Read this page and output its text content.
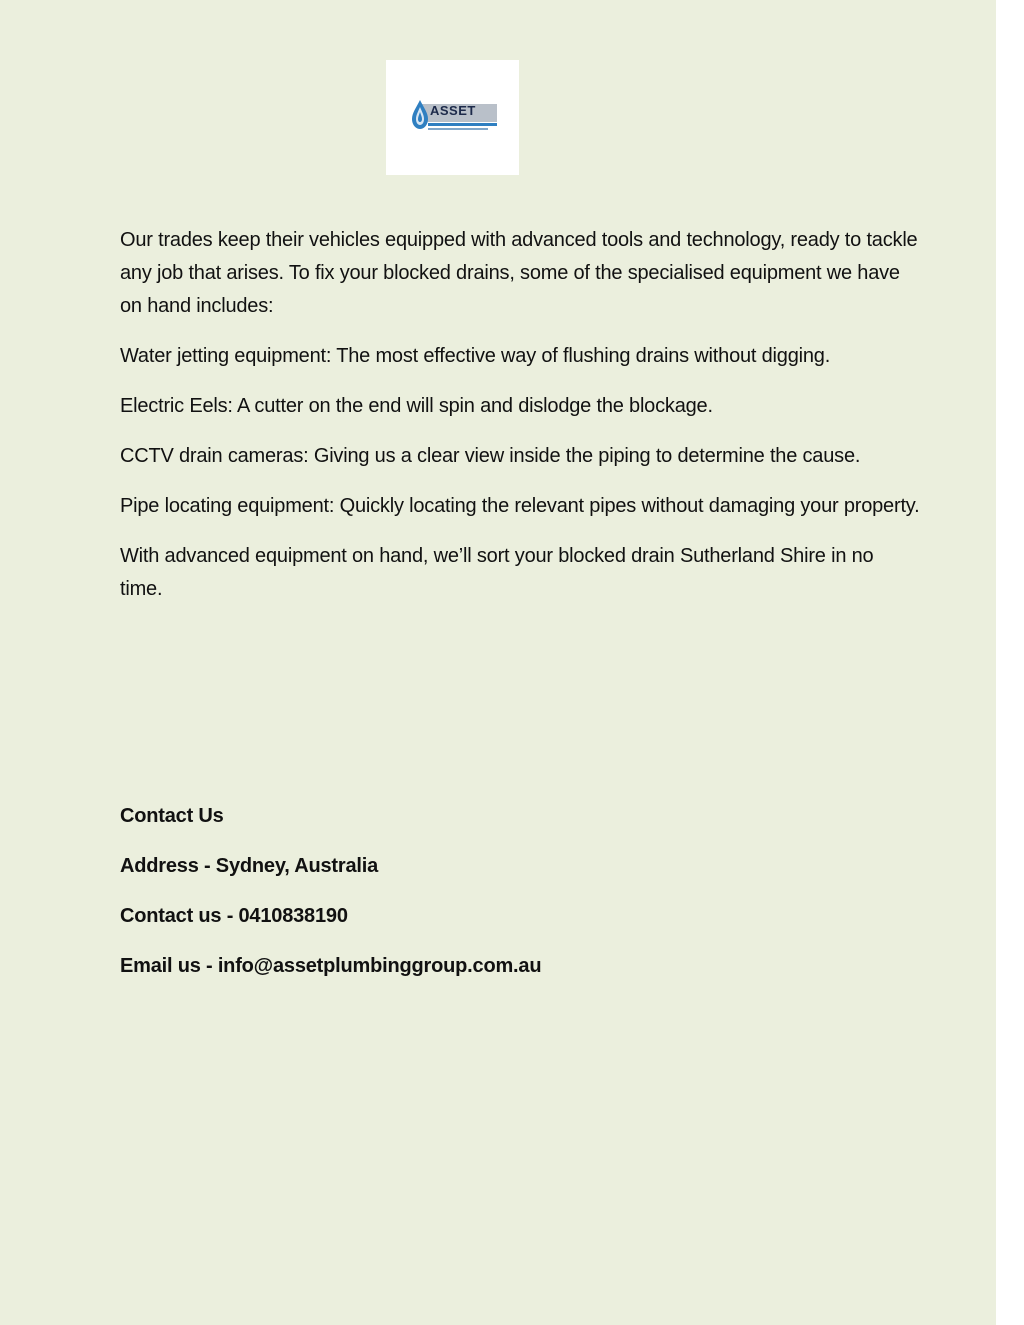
ASSET

Our trades keep their vehicles equipped with advanced tools and technology, ready to tackle any job that arises. To fix your blocked drains, some of the specialised equipment we have on hand includes:

Water jetting equipment: The most effective way of flushing drains without digging.

Electric Eels: A cutter on the end will spin and dislodge the blockage.

CCTV drain cameras: Giving us a clear view inside the piping to determine the cause.

Pipe locating equipment: Quickly locating the relevant pipes without damaging your property.

With advanced equipment on hand, we’ll sort your blocked drain Sutherland Shire in no time.

Contact Us

Address - Sydney, Australia

Contact us - 0410838190

Email us - info@assetplumbinggroup.com.au
